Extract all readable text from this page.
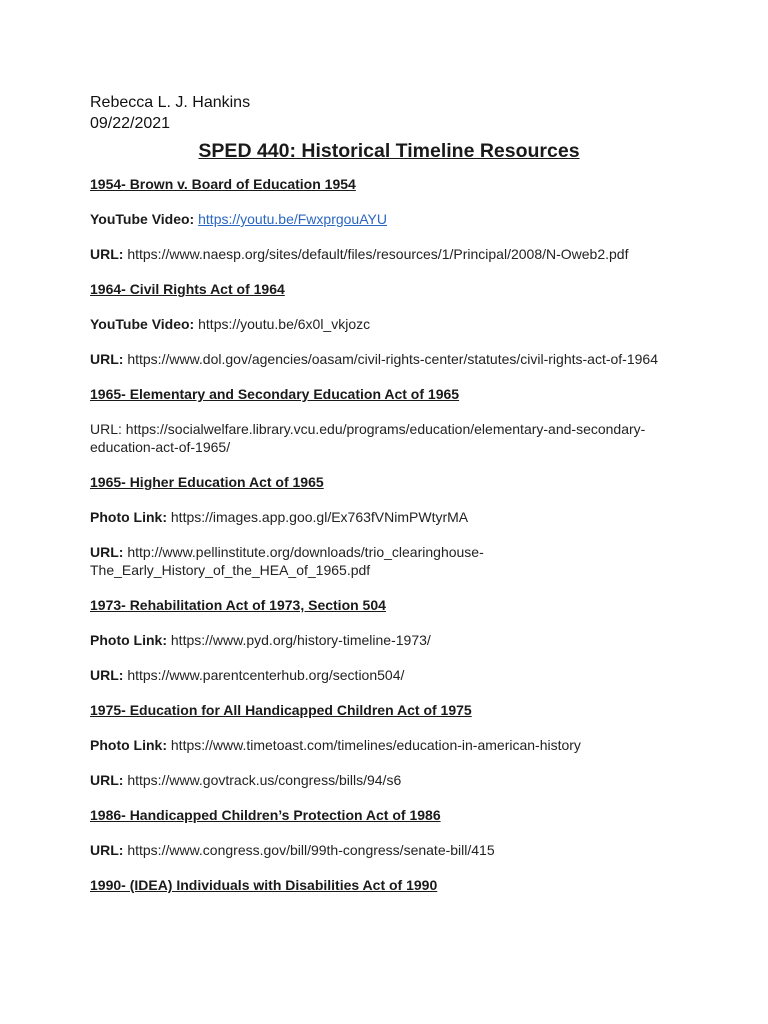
Rebecca L. J. Hankins
09/22/2021
SPED 440: Historical Timeline Resources
1954- Brown v. Board of Education 1954
YouTube Video: https://youtu.be/FwxprgouAYU
URL: https://www.naesp.org/sites/default/files/resources/1/Principal/2008/N-Oweb2.pdf
1964- Civil Rights Act of 1964
YouTube Video: https://youtu.be/6x0l_vkjozc
URL: https://www.dol.gov/agencies/oasam/civil-rights-center/statutes/civil-rights-act-of-1964
1965- Elementary and Secondary Education Act of 1965
URL: https://socialwelfare.library.vcu.edu/programs/education/elementary-and-secondary-education-act-of-1965/
1965- Higher Education Act of 1965
Photo Link: https://images.app.goo.gl/Ex763fVNimPWtyrMA
URL: http://www.pellinstitute.org/downloads/trio_clearinghouse-The_Early_History_of_the_HEA_of_1965.pdf
1973- Rehabilitation Act of 1973, Section 504
Photo Link: https://www.pyd.org/history-timeline-1973/
URL: https://www.parentcenterhub.org/section504/
1975- Education for All Handicapped Children Act of 1975
Photo Link: https://www.timetoast.com/timelines/education-in-american-history
URL: https://www.govtrack.us/congress/bills/94/s6
1986- Handicapped Children’s Protection Act of 1986
URL: https://www.congress.gov/bill/99th-congress/senate-bill/415
1990- (IDEA) Individuals with Disabilities Act of 1990
